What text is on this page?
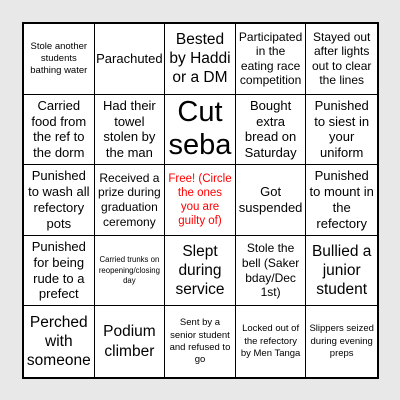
Stole another students bathing water
Parachuted
Bested by Haddi or a DM
Participated in the eating race competition
Stayed out after lights out to clear the lines
Carried food from the ref to the dorm
Had their towel stolen by the man
Cut seba
Bought extra bread on Saturday
Punished to siest in your uniform
Punished to wash all refectory pots
Received a prize during graduation ceremony
Free! (Circle the ones you are guilty of)
Got suspended
Punished to mount in the refectory
Punished for being rude to a prefect
Carried trunks on reopening/closing day
Slept during service
Stole the bell (Saker bday/Dec 1st)
Bullied a junior student
Perched with someone
Podium climber
Sent by a senior student and refused to go
Locked out of the refectory by Men Tanga
Slippers seized during evening preps
